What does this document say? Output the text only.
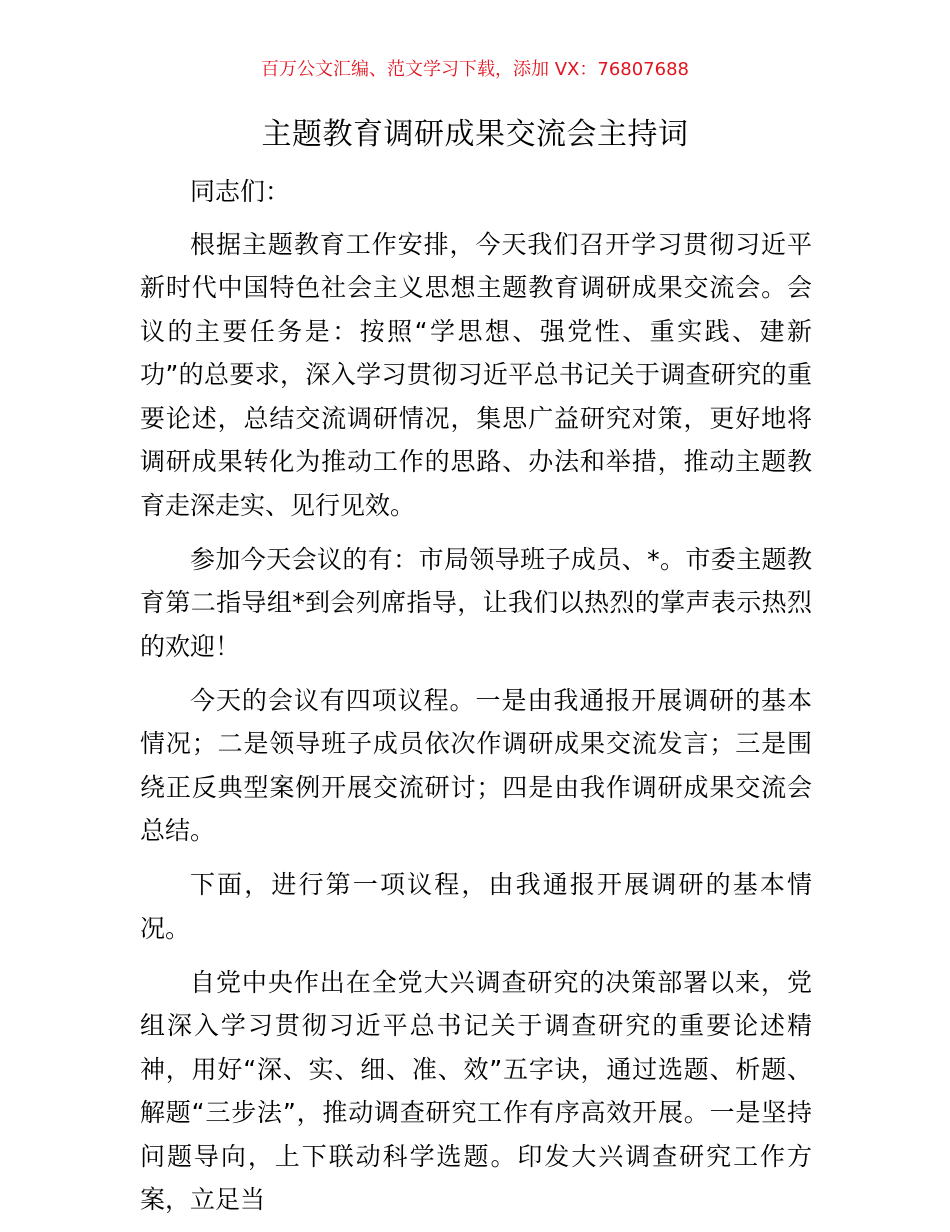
百万公文汇编、范文学习下载，添加 VX：76807688
主题教育调研成果交流会主持词

同志们：

根据主题教育工作安排，今天我们召开学习贯彻习近平新时代中国特色社会主义思想主题教育调研成果交流会。会议的主要任务是：按照“学思想、强党性、重实践、建新功”的总要求，深入学习贯彻习近平总书记关于调查研究的重要论述，总结交流调研情况，集思广益研究对策，更好地将调研成果转化为推动工作的思路、办法和举措，推动主题教育走深走实、见行见效。

参加今天会议的有：市局领导班子成员、*。市委主题教育第二指导组*到会列席指导，让我们以热烈的掌声表示热烈的欢迎！

今天的会议有四项议程。一是由我通报开展调研的基本情况；二是领导班子成员依次作调研成果交流发言；三是围绕正反典型案例开展交流研讨；四是由我作调研成果交流会总结。

下面，进行第一项议程，由我通报开展调研的基本情况。

自党中央作出在全党大兴调查研究的决策部署以来，党组深入学习贯彻习近平总书记关于调查研究的重要论述精神，用好“深、实、细、准、效”五字诀，通过选题、析题、解题“三步法”，推动调查研究工作有序高效开展。一是坚持问题导向，上下联动科学选题。印发大兴调查研究工作方案，立足当
